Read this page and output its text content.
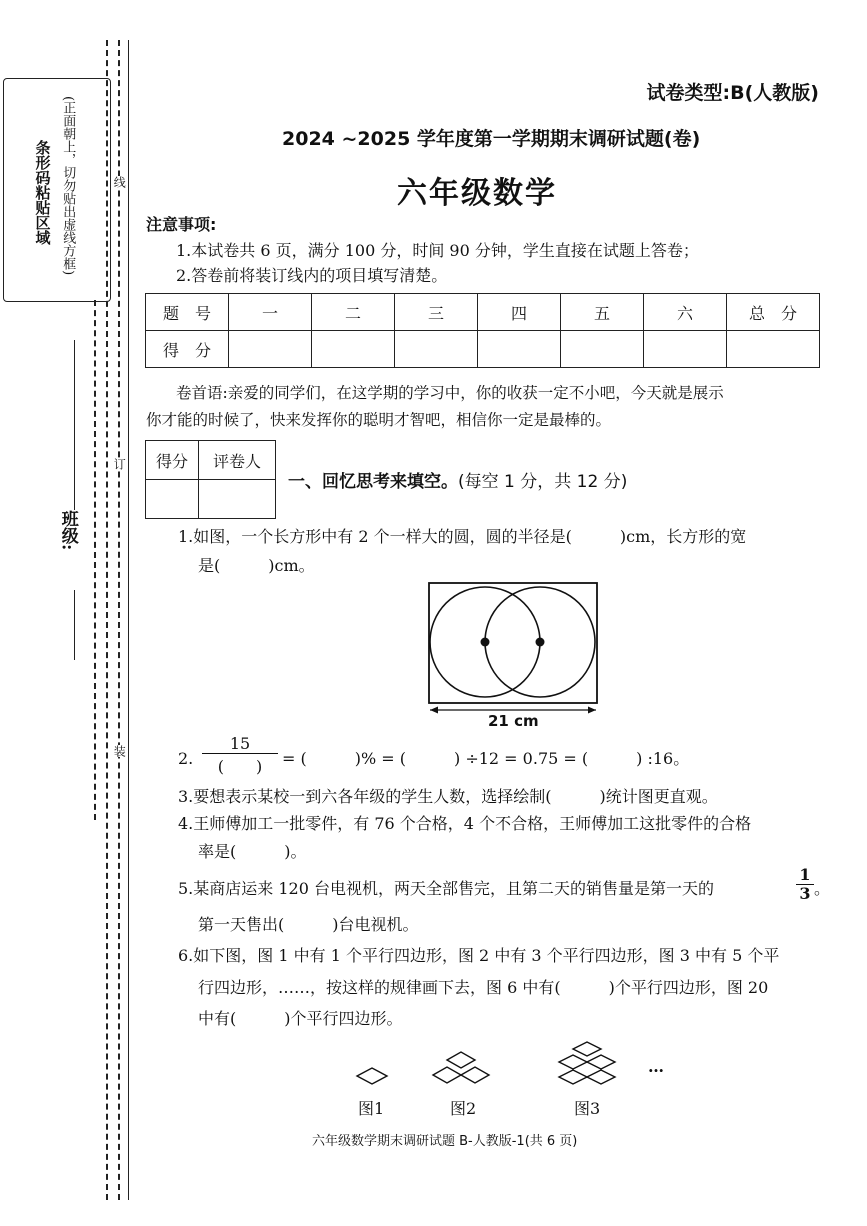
条形码粘贴区域 (正面朝上，切勿贴出虚线方框)	线
订
装
班级:
试卷类型:B(人教版)
2024 ~2025 学年度第一学期期末调研试题(卷)
六年级数学
注意事项:
1.本试卷共 6 页，满分 100 分，时间 90 分钟，学生直接在试题上答卷；
2.答卷前将装订线内的项目填写清楚。
题　号	一	二	三	四	五	六	总　分
得　分							
卷首语:亲爱的同学们，在这学期的学习中，你的收获一定不小吧，今天就是展示
你才能的时候了，快来发挥你的聪明才智吧，相信你一定是最棒的。
得分	评卷人

一、回忆思考来填空。(每空 1 分，共 12 分)
1.如图，一个长方形中有 2 个一样大的圆，圆的半径是(　　　)cm，长方形的宽
是(　　　)cm。
21 cm
2.
15
(　　)	= (　　　)% = (　　　) ÷12 = 0.75 = (　　　) :16。
3.要想表示某校一到六各年级的学生人数，选择绘制(　　　)统计图更直观。
4.王师傅加工一批零件，有 76 个合格，4 个不合格，王师傅加工这批零件的合格
率是(　　　)。
5.某商店运来 120 台电视机，两天全部售完，且第二天的销售量是第一天的	$\frac{1}{3}$ 。
第一天售出(　　　)台电视机。
6.如下图，图 1 中有 1 个平行四边形，图 2 中有 3 个平行四边形，图 3 中有 5 个平
行四边形，……，按这样的规律画下去，图 6 中有(　　　)个平行四边形，图 20
中有(　　　)个平行四边形。
…
图1	图2	图3
六年级数学期末调研试题 B-人教版-1(共 6 页)
